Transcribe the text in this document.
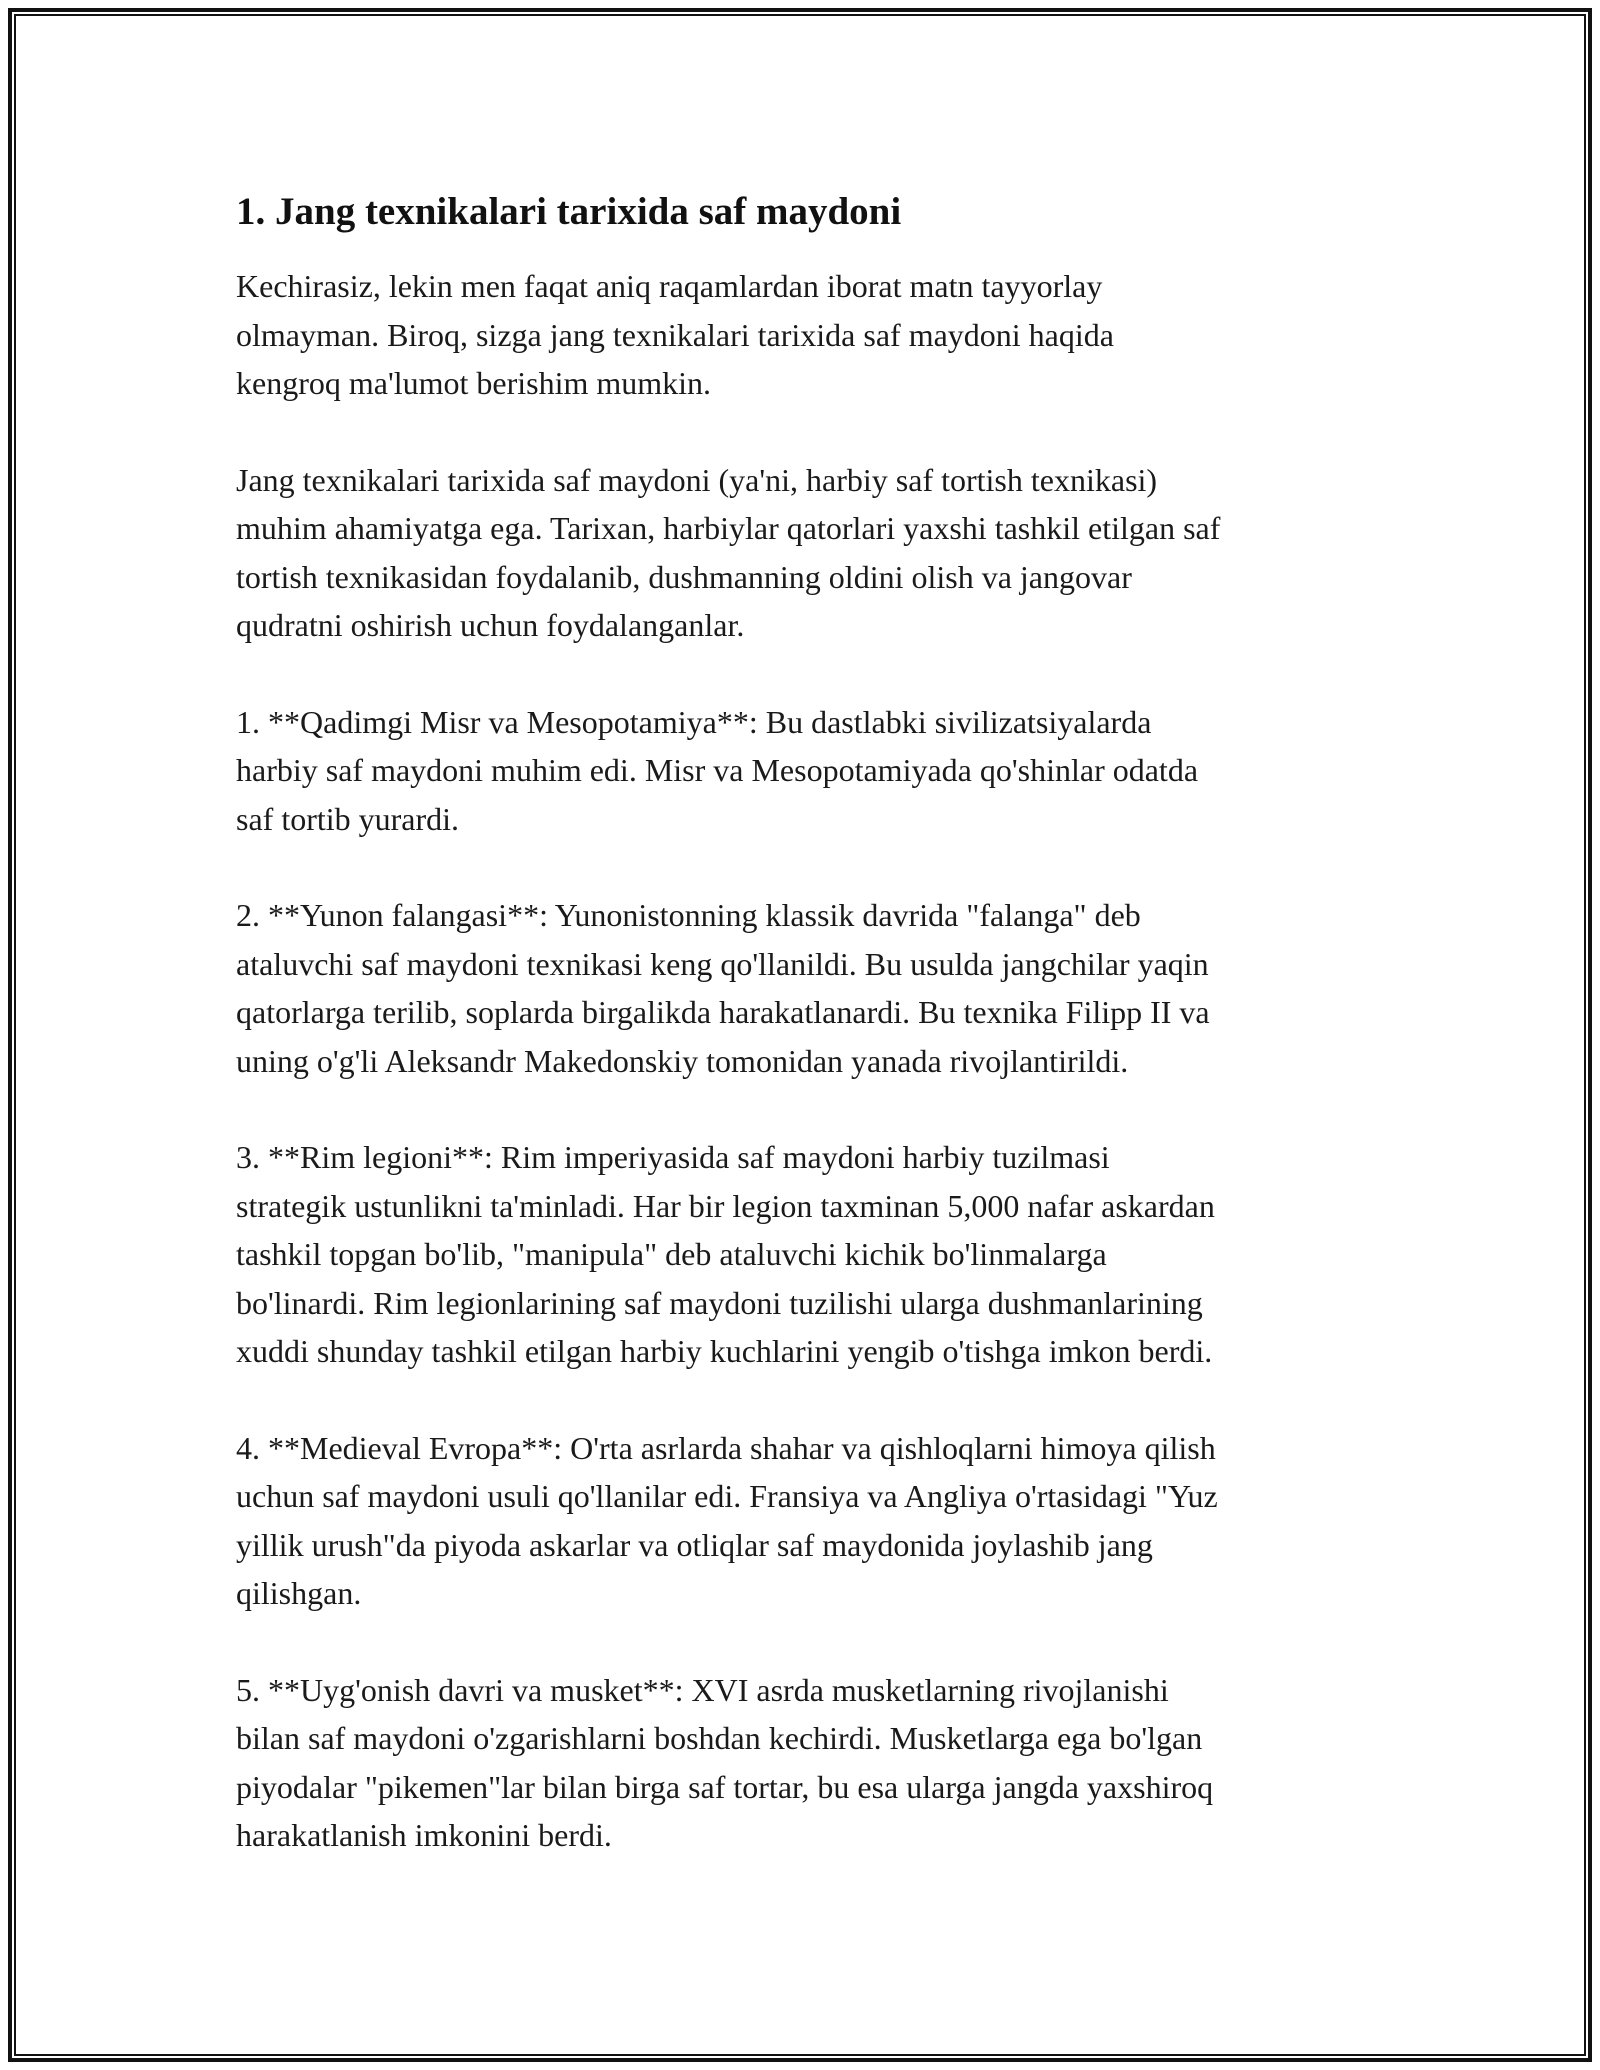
1. Jang texnikalari tarixida saf maydoni

Kechirasiz, lekin men faqat aniq raqamlardan iborat matn tayyorlay
olmayman. Biroq, sizga jang texnikalari tarixida saf maydoni haqida
kengroq ma'lumot berishim mumkin.

Jang texnikalari tarixida saf maydoni (ya'ni, harbiy saf tortish texnikasi)
muhim ahamiyatga ega. Tarixan, harbiylar qatorlari yaxshi tashkil etilgan saf
tortish texnikasidan foydalanib, dushmanning oldini olish va jangovar
qudratni oshirish uchun foydalanganlar.

1. **Qadimgi Misr va Mesopotamiya**: Bu dastlabki sivilizatsiyalarda
harbiy saf maydoni muhim edi. Misr va Mesopotamiyada qo'shinlar odatda
saf tortib yurardi.

2. **Yunon falangasi**: Yunonistonning klassik davrida "falanga" deb
ataluvchi saf maydoni texnikasi keng qo'llanildi. Bu usulda jangchilar yaqin
qatorlarga terilib, soplarda birgalikda harakatlanardi. Bu texnika Filipp II va
uning o'g'li Aleksandr Makedonskiy tomonidan yanada rivojlantirildi.

3. **Rim legioni**: Rim imperiyasida saf maydoni harbiy tuzilmasi
strategik ustunlikni ta'minladi. Har bir legion taxminan 5,000 nafar askardan
tashkil topgan bo'lib, "manipula" deb ataluvchi kichik bo'linmalarga
bo'linardi. Rim legionlarining saf maydoni tuzilishi ularga dushmanlarining
xuddi shunday tashkil etilgan harbiy kuchlarini yengib o'tishga imkon berdi.

4. **Medieval Evropa**: O'rta asrlarda shahar va qishloqlarni himoya qilish
uchun saf maydoni usuli qo'llanilar edi. Fransiya va Angliya o'rtasidagi "Yuz
yillik urush"da piyoda askarlar va otliqlar saf maydonida joylashib jang
qilishgan.

5. **Uyg'onish davri va musket**: XVI asrda musketlarning rivojlanishi
bilan saf maydoni o'zgarishlarni boshdan kechirdi. Musketlarga ega bo'lgan
piyodalar "pikemen"lar bilan birga saf tortar, bu esa ularga jangda yaxshiroq
harakatlanish imkonini berdi.
